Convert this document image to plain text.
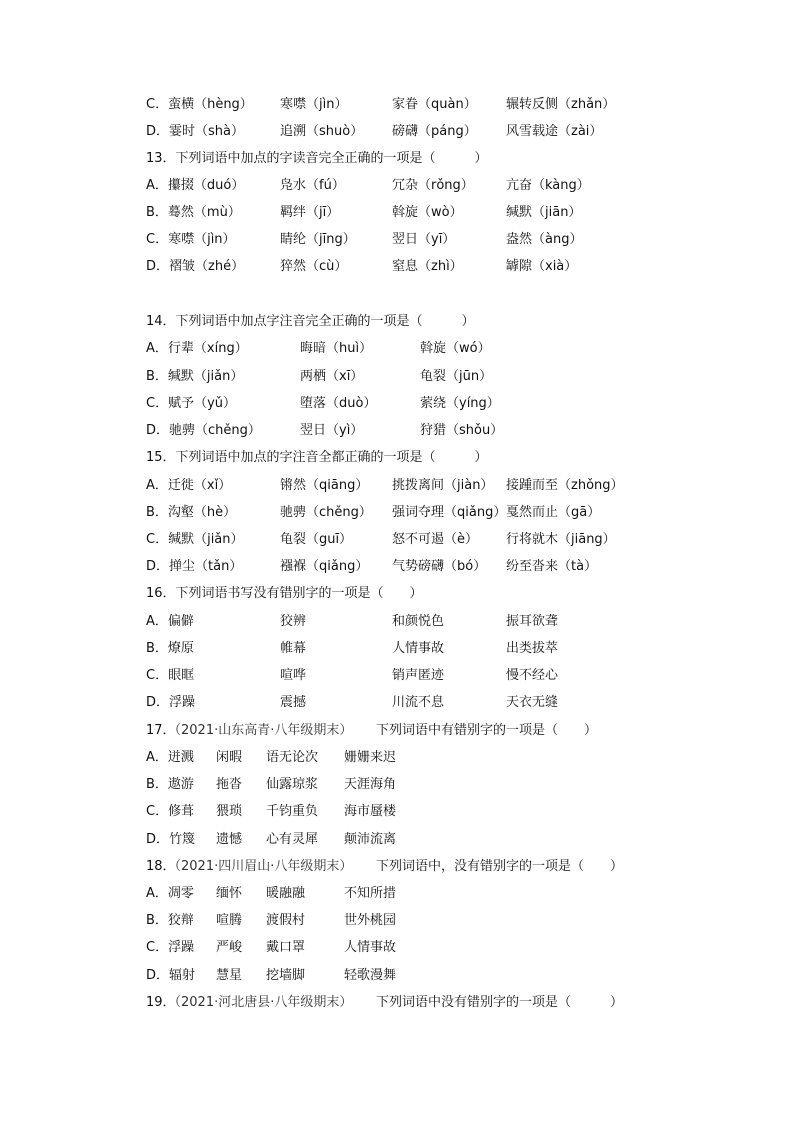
C．蛮横（hèng） 寒噤（jìn）	家眷（quàn） 辗转反侧（zhǎn）
D．霎时（shà）	追溯（shuò） 磅礴（páng） 风雪载途（zài）
13．下列词语中加点的字读音完全正确的一项是（　　　）
A．攥掇（duó）	凫水（fú）	冗杂（rǒng） 亢奋（kàng）
B．蓦然（mù）	羁绊（jī）	斡旋（wò）	缄默（jiān）
C．寒噤（jìn）	睛纶（jīng）	翌日（yī）	盎然（àng）
D．褶皱（zhé）	猝然（cù）	窒息（zhì）	罅隙（xià）
14．下列词语中加点字注音完全正确的一项是（　　　）
A．行辈（xíng）	晦暗（huì）	斡旋（wó）
B．缄默（jiǎn）	两栖（xī）	龟裂（jūn）
C．赋予（yǔ）	堕落（duò）	萦绕（yíng）
D．驰骋（chěng）	翌日（yì）	狩猎（shǒu）
15．下列词语中加点的字注音全都正确的一项是（　　　）
A．迁徙（xǐ）	锵然（qiāng） 挑拨离间（jiàn） 接踵而至（zhǒng）
B．沟壑（hè）	驰骋（chěng） 强词夺理（qiǎng） 戛然而止（gā）
C．缄默（jiǎn）	龟裂（guī）	怒不可遏（è） 行将就木（jiāng）
D．掸尘（tǎn）	襁褓（qiǎng） 气势磅礴（bó） 纷至沓来（tà）
16．下列词语书写没有错别字的一项是（　　）
A．偏僻	狡辨	和颜悦色	振耳欲聋
B．燎原	帷幕	人情事故	出类拔萃
C．眼眶	喧哗	销声匿迹	慢不经心
D．浮躁	震撼	川流不息	天衣无缝
17．
（2021·山东高青·八年级期末） 下列词语中有错别字的一项是（　　）
A．迸溅 闲暇 语无论次 姗姗来迟
B．遨游 拖沓 仙露琼浆 天涯海角
C．修葺 猥琐 千钧重负 海市蜃楼
D．竹篾 遗憾 心有灵犀 颠沛流离
18．
（2021·四川眉山·八年级期末） 下列词语中，没有错别字的一项是（　　）
A．凋零 缅怀 暖融融	不知所措
B．狡辩 喧腾 渡假村	世外桃园
C．浮躁 严峻 戴口罩	人情事故
D．辐射 慧星 挖墙脚	轻歌漫舞
19．
（2021·河北唐县·八年级期末） 下列词语中没有错别字的一项是（　　　）
